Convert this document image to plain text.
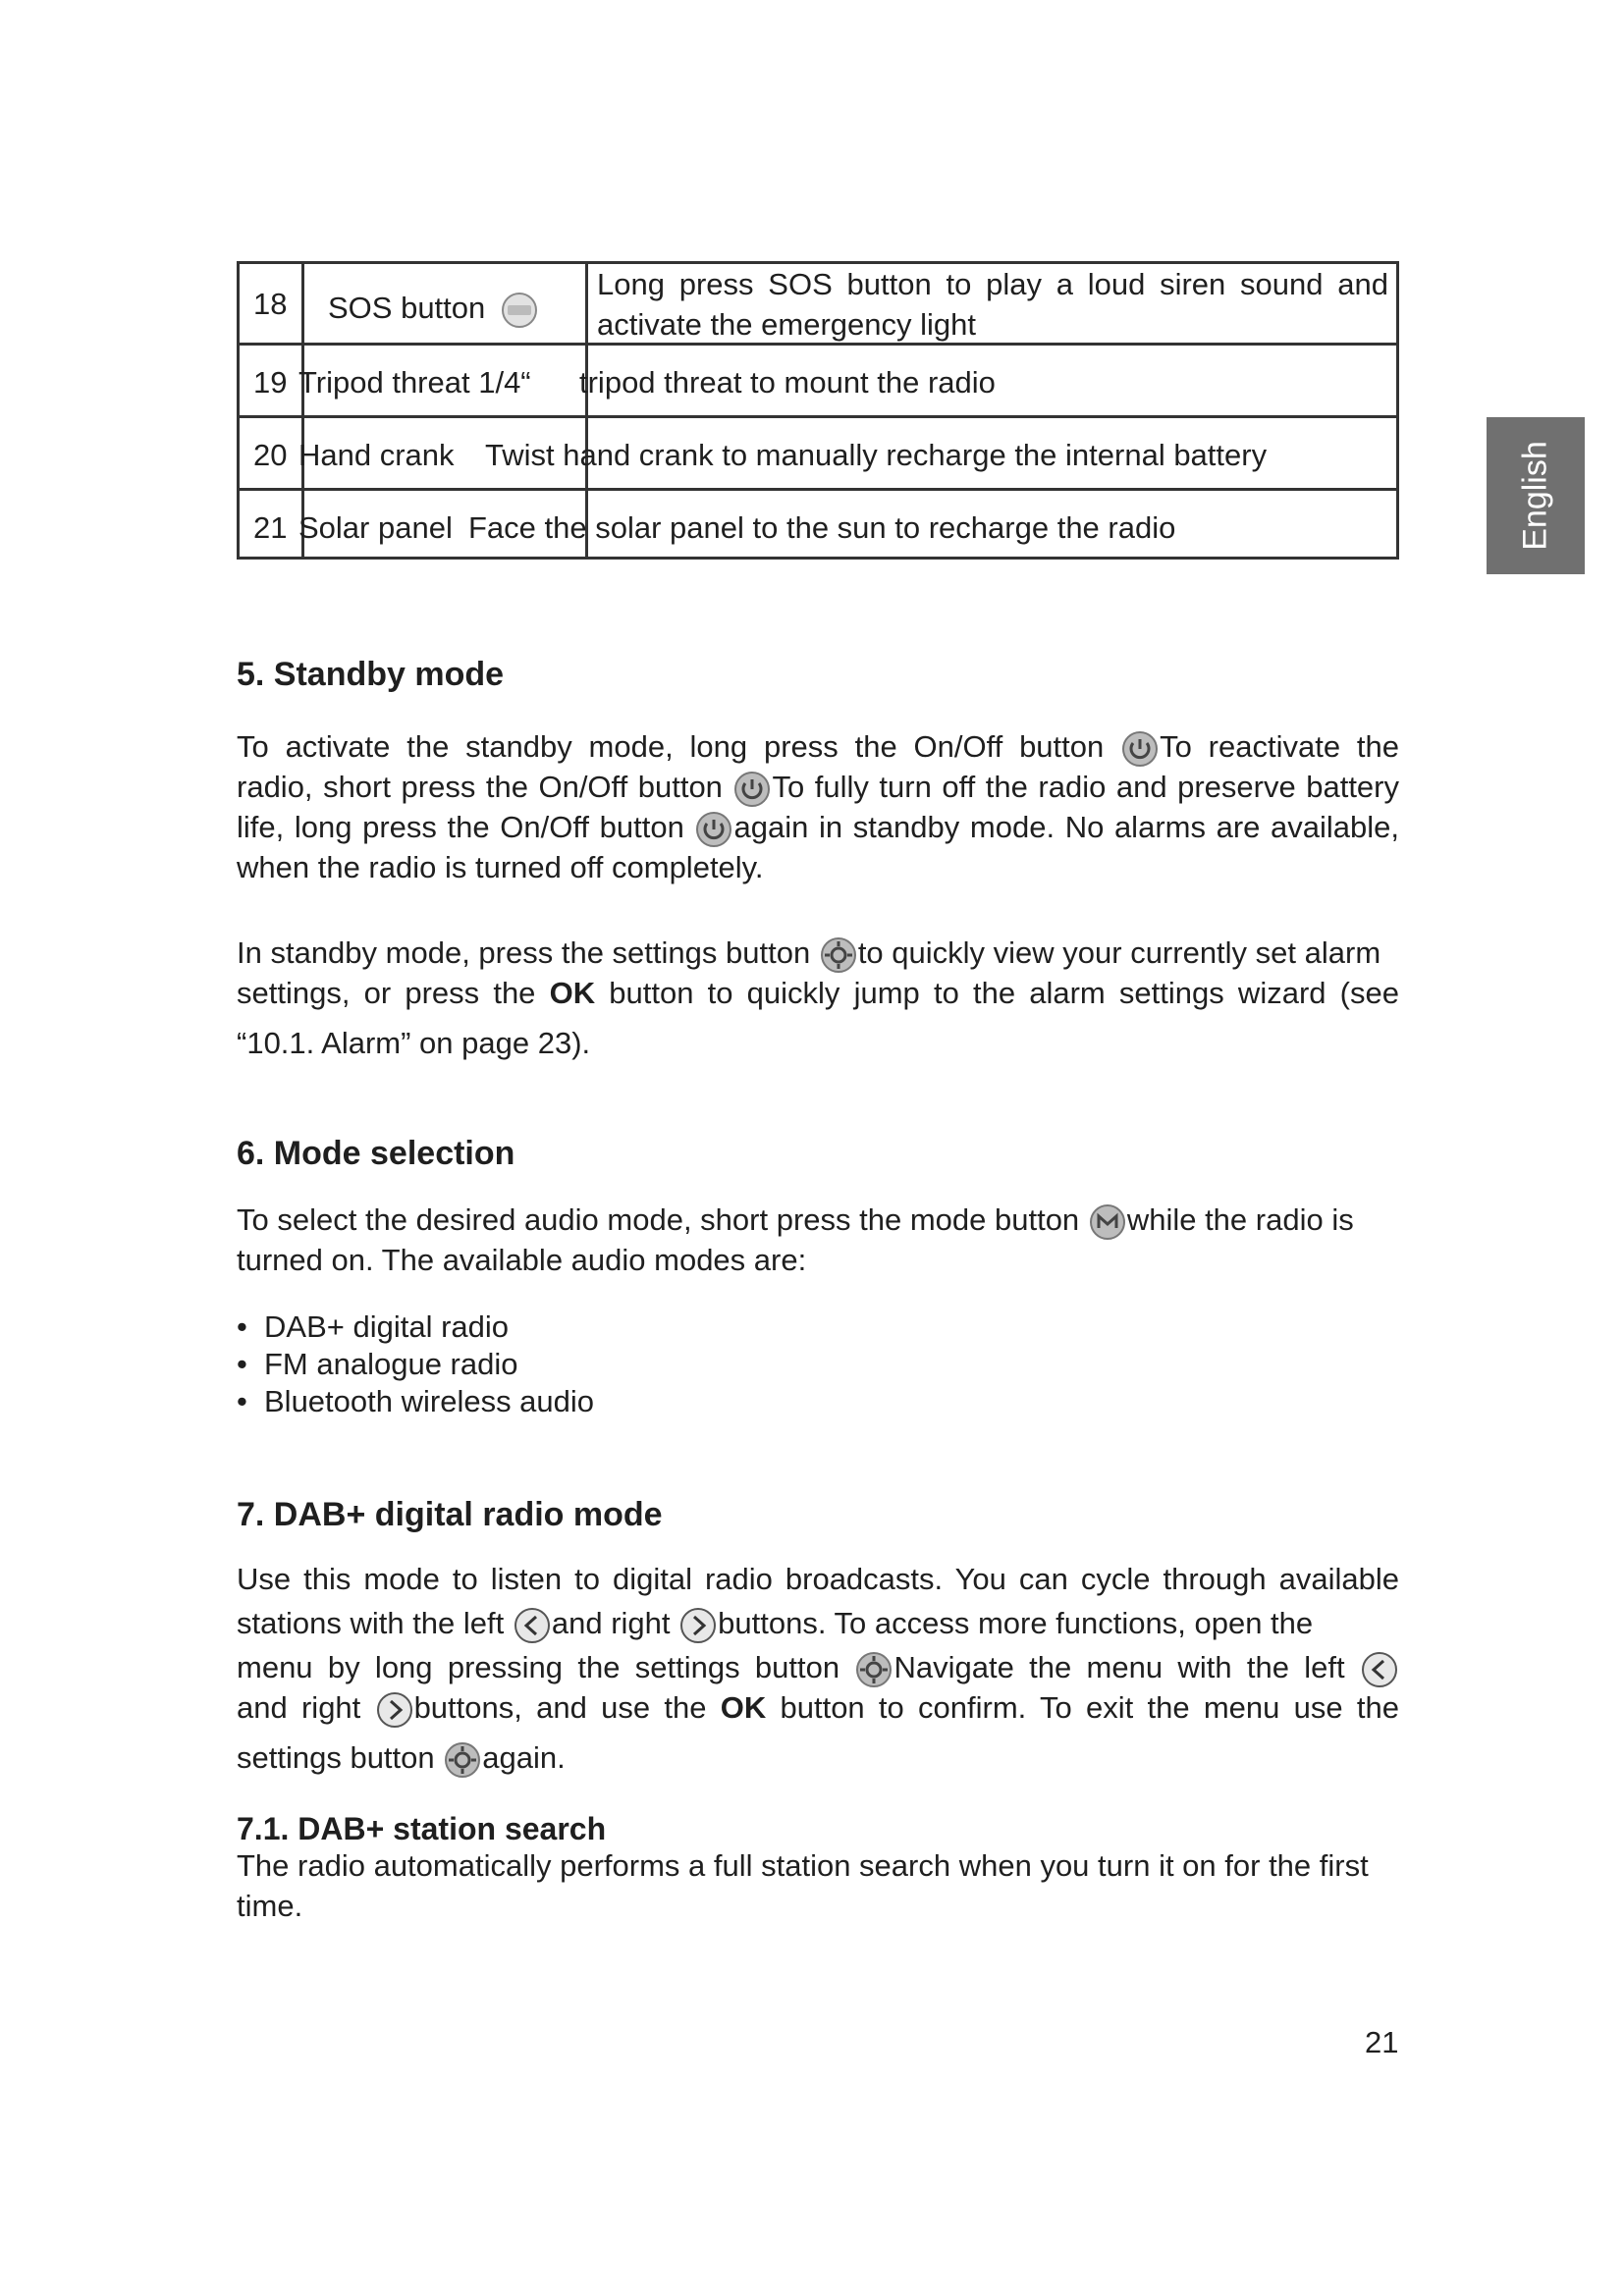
18 SOS button
Long press SOS button to play a loud siren sound and
activate the emergency light
19 Tripod threat 1/4“ tripod threat to mount the radio
20 Hand crank Twist hand crank to manually recharge the internal battery
21 Solar panel Face the solar panel to the sun to recharge the radio	English
5. Standby mode
To activate the standby mode, long press the On/Off button To reactivate the
radio, short press the On/Off button To fully turn off the radio and preserve battery
life, long press the On/Off button again in standby mode. No alarms are available,
when the radio is turned off completely.
In standby mode, press the settings button to quickly view your currently set alarm
settings, or press the OK button to quickly jump to the alarm settings wizard (see
“10.1. Alarm” on page 23).
6. Mode selection
To select the desired audio mode, short press the mode button while the radio is
turned on. The available audio modes are:
• DAB+ digital radio
• FM analogue radio
• Bluetooth wireless audio
7. DAB+ digital radio mode
Use this mode to listen to digital radio broadcasts. You can cycle through available
stations with the left and right buttons. To access more functions, open the
menu by long pressing the settings button Navigate the menu with the left
and right buttons, and use the OK button to confirm. To exit the menu use the
settings button again.
7.1. DAB+ station search
The radio automatically performs a full station search when you turn it on for the first
time.
21
